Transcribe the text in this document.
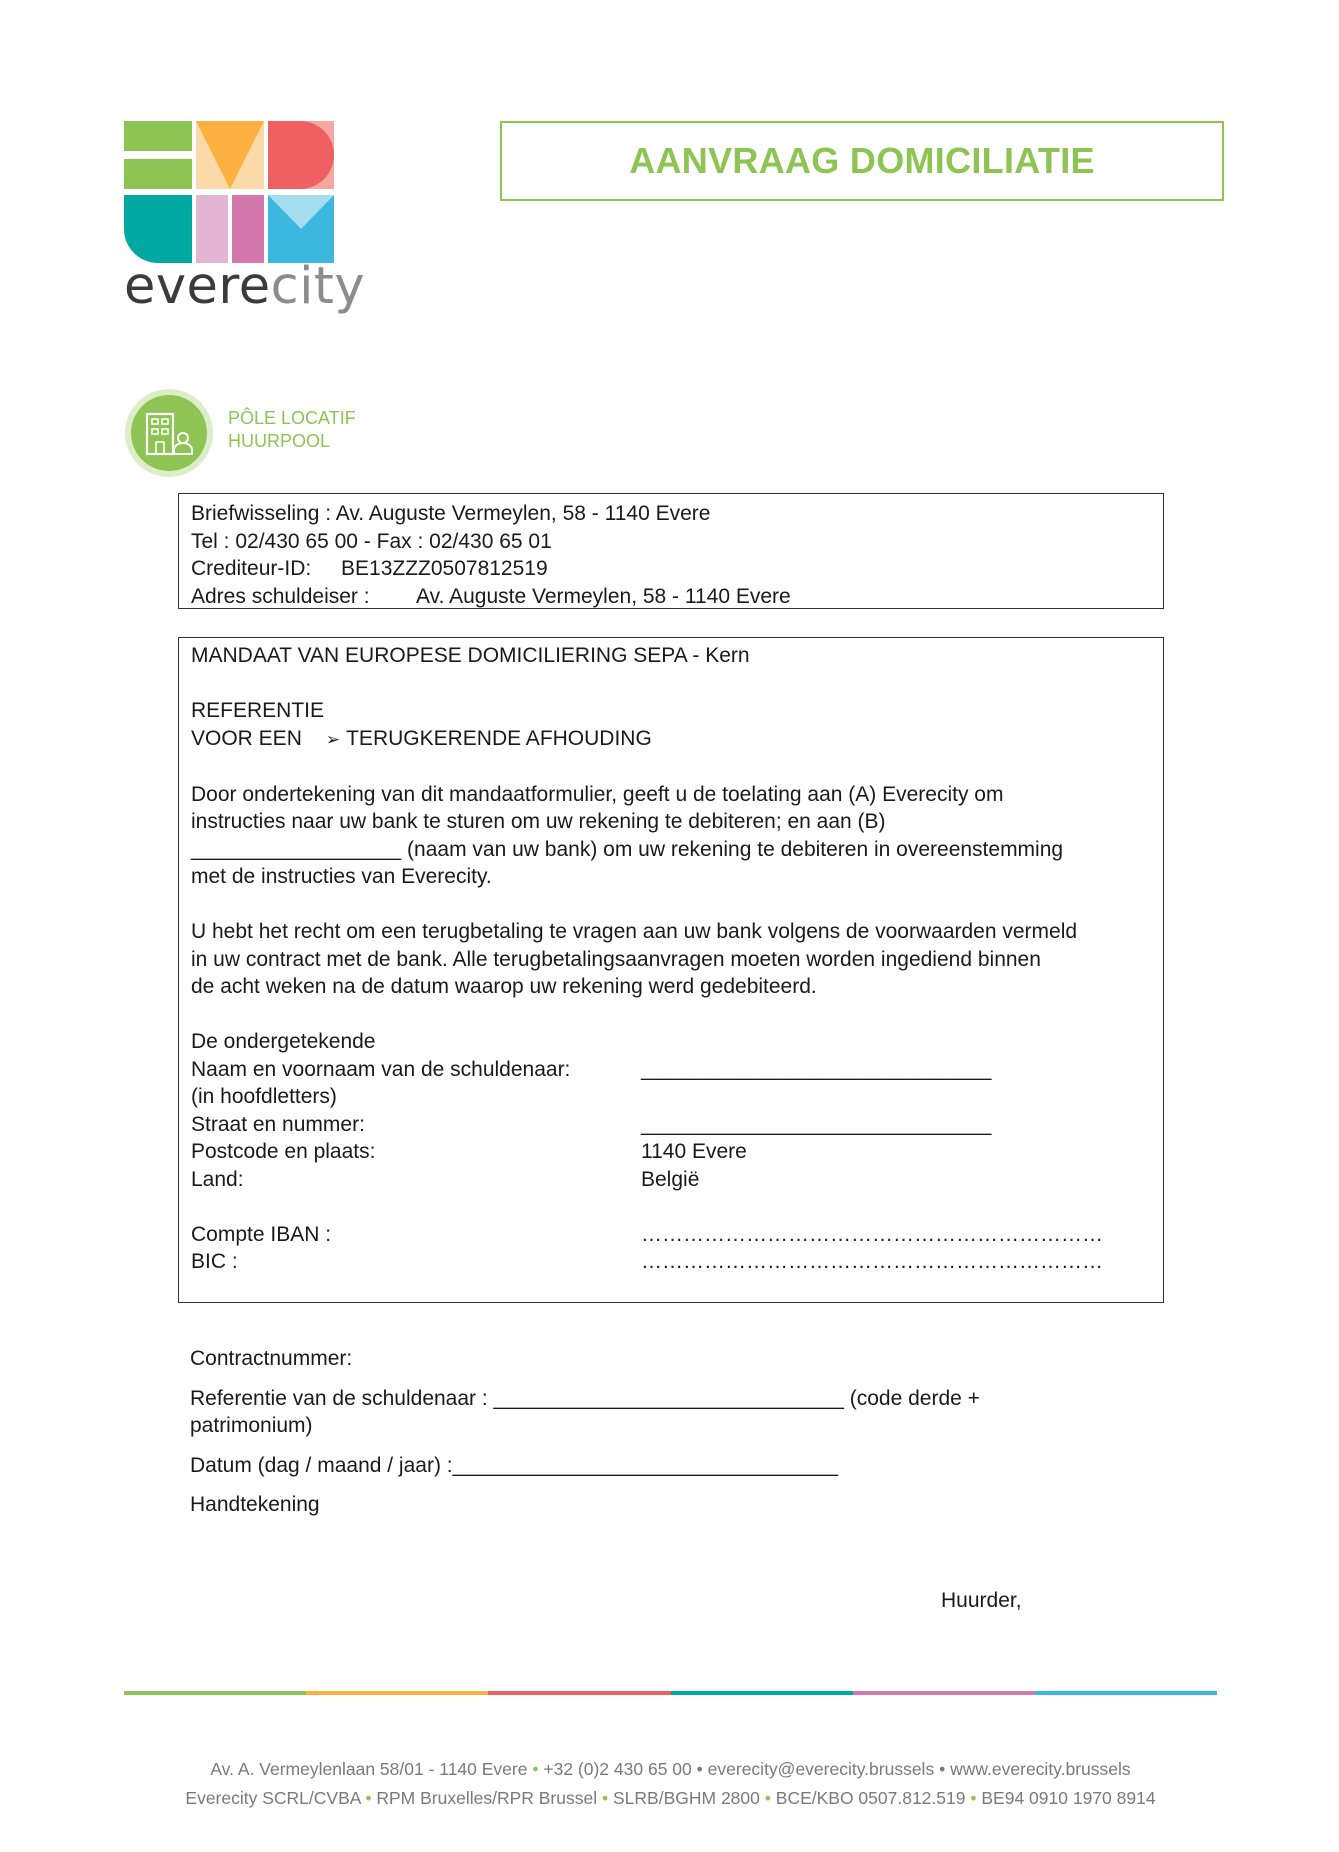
everecity
AANVRAAG DOMICILIATIE
PÔLE LOCATIF
HUURPOOL
Briefwisseling : Av. Auguste Vermeylen, 58 - 1140 Evere
Tel : 02/430 65 00 - Fax : 02/430 65 01
Crediteur-ID:	BE13ZZZ0507812519
Adres schuldeiser :	Av. Auguste Vermeylen, 58 - 1140 Evere
MANDAAT VAN EUROPESE DOMICILIERING SEPA - Kern
REFERENTIE
VOOR EEN ➢ TERUGKERENDE AFHOUDING
Door ondertekening van dit mandaatformulier, geeft u de toelating aan (A) Everecity om
instructies naar uw bank te sturen om uw rekening te debiteren; en aan (B)
__________________ (naam van uw bank) om uw rekening te debiteren in overeenstemming
met de instructies van Everecity.
U hebt het recht om een terugbetaling te vragen aan uw bank volgens de voorwaarden vermeld
in uw contract met de bank. Alle terugbetalingsaanvragen moeten worden ingediend binnen
de acht weken na de datum waarop uw rekening werd gedebiteerd.
De ondergetekende
Naam en voornaam van de schuldenaar:	______________________________
(in hoofdletters)
Straat en nummer:	______________________________
Postcode en plaats:	1140 Evere
Land:	België
Compte IBAN :	…………………………………………………………
BIC :	…………………………………………………………
Contractnummer:
Referentie van de schuldenaar : ______________________________ (code derde +
patrimonium)
Datum (dag / maand / jaar) :_________________________________
Handtekening
Huurder,
Av. A. Vermeylenlaan 58/01 - 1140 Evere • +32 (0)2 430 65 00 • everecity@everecity.brussels • www.everecity.brussels
Everecity SCRL/CVBA • RPM Bruxelles/RPR Brussel • SLRB/BGHM 2800 • BCE/KBO 0507.812.519 • BE94 0910 1970 8914
